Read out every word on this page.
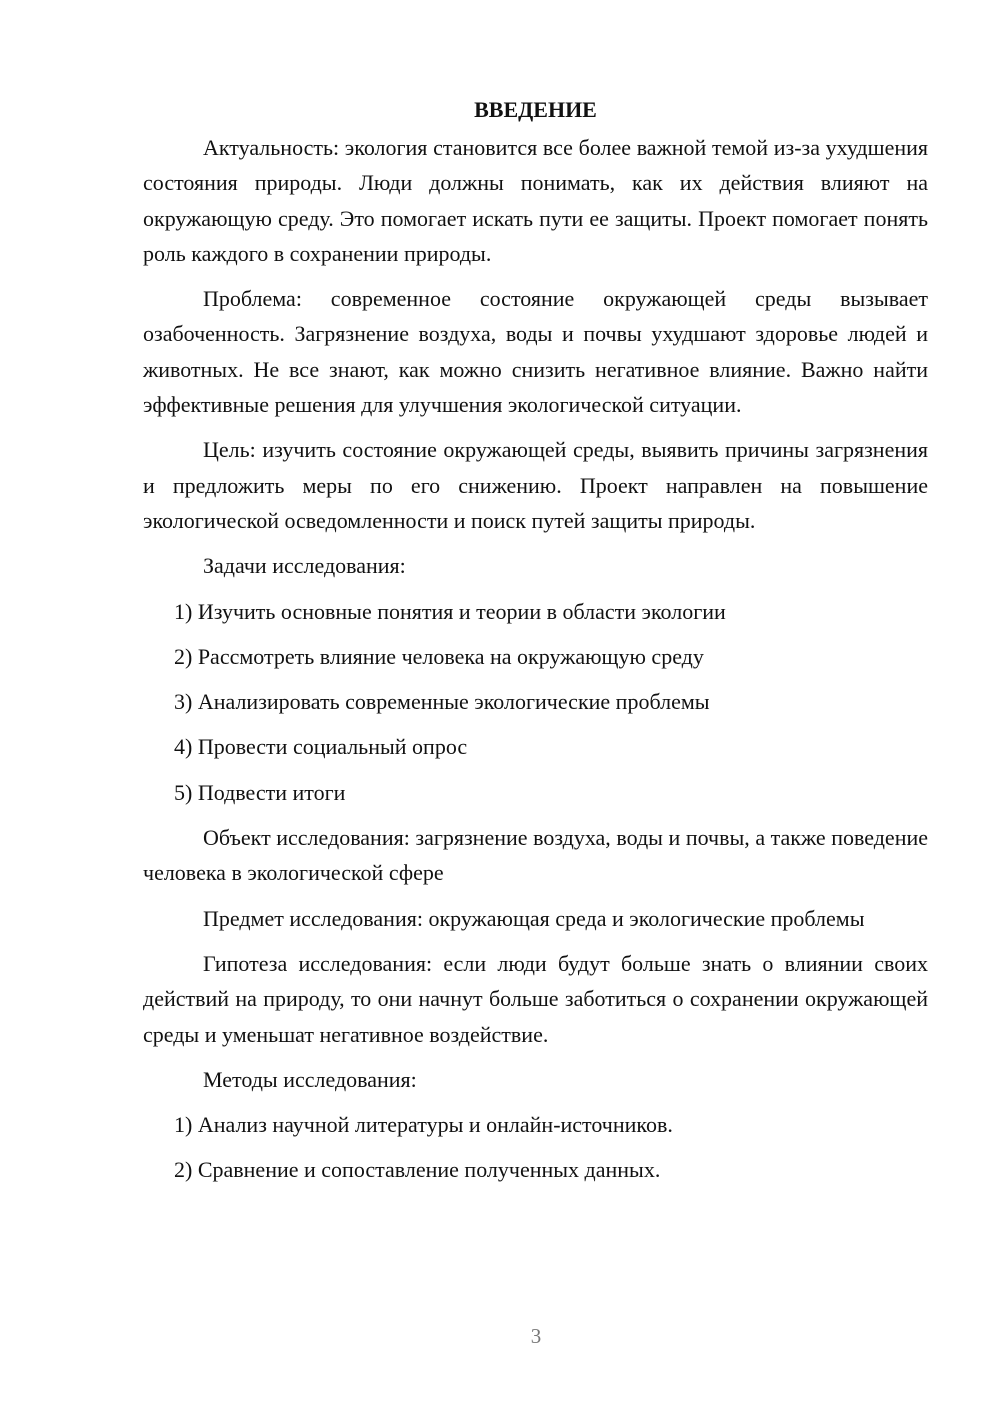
ВВЕДЕНИЕ

Актуальность: экология становится все более важной темой из-за ухудшения состояния природы. Люди должны понимать, как их действия влияют на окружающую среду. Это помогает искать пути ее защиты. Проект помогает понять роль каждого в сохранении природы.

Проблема: современное состояние окружающей среды вызывает озабоченность. Загрязнение воздуха, воды и почвы ухудшают здоровье людей и животных. Не все знают, как можно снизить негативное влияние. Важно найти эффективные решения для улучшения экологической ситуации.

Цель: изучить состояние окружающей среды, выявить причины загрязнения и предложить меры по его снижению. Проект направлен на повышение экологической осведомленности и поиск путей защиты природы.

Задачи исследования:

1) Изучить основные понятия и теории в области экологии
2) Рассмотреть влияние человека на окружающую среду
3) Анализировать современные экологические проблемы
4) Провести социальный опрос
5) Подвести итоги

Объект исследования: загрязнение воздуха, воды и почвы, а также поведение человека в экологической сфере

Предмет исследования: окружающая среда и экологические проблемы

Гипотеза исследования: если люди будут больше знать о влиянии своих действий на природу, то они начнут больше заботиться о сохранении окружающей среды и уменьшат негативное воздействие.

Методы исследования:

1) Анализ научной литературы и онлайн-источников.
2) Сравнение и сопоставление полученных данных.
3
